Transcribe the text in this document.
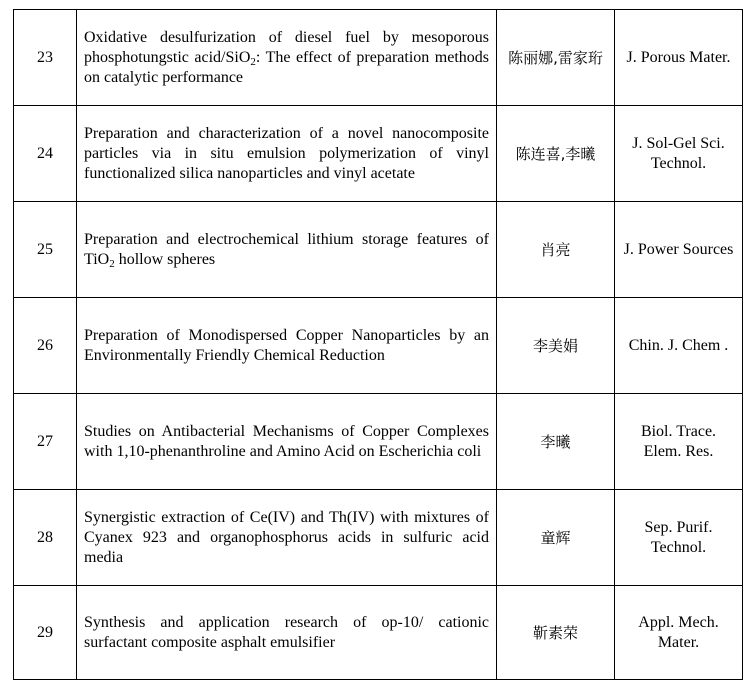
23	Oxidative desulfurization of diesel fuel by mesoporous phosphotungstic acid/SiO$_2$: The effect of preparation methods on catalytic performance	陈丽娜,雷家珩	J. Porous Mater.
24	Preparation and characterization of a novel nanocomposite particles via in situ emulsion polymerization of vinyl functionalized silica nanoparticles and vinyl acetate	陈连喜,李曦	J. Sol-Gel Sci. Technol.
25	Preparation and electrochemical lithium storage features of TiO$_2$ hollow spheres	肖亮	J. Power Sources
26	Preparation of Monodispersed Copper Nanoparticles by an Environmentally Friendly Chemical Reduction	李美娟	Chin. J. Chem .
27	Studies on Antibacterial Mechanisms of Copper Complexes with 1,10-phenanthroline and Amino Acid on Escherichia coli	李曦	Biol. Trace. Elem. Res.
28	Synergistic extraction of Ce(IV) and Th(IV) with mixtures of Cyanex 923 and organophosphorus acids in sulfuric acid media	童辉	Sep. Purif. Technol.
29	Synthesis and application research of op-10/ cationic surfactant composite asphalt emulsifier	靳素荣	Appl. Mech. Mater.
